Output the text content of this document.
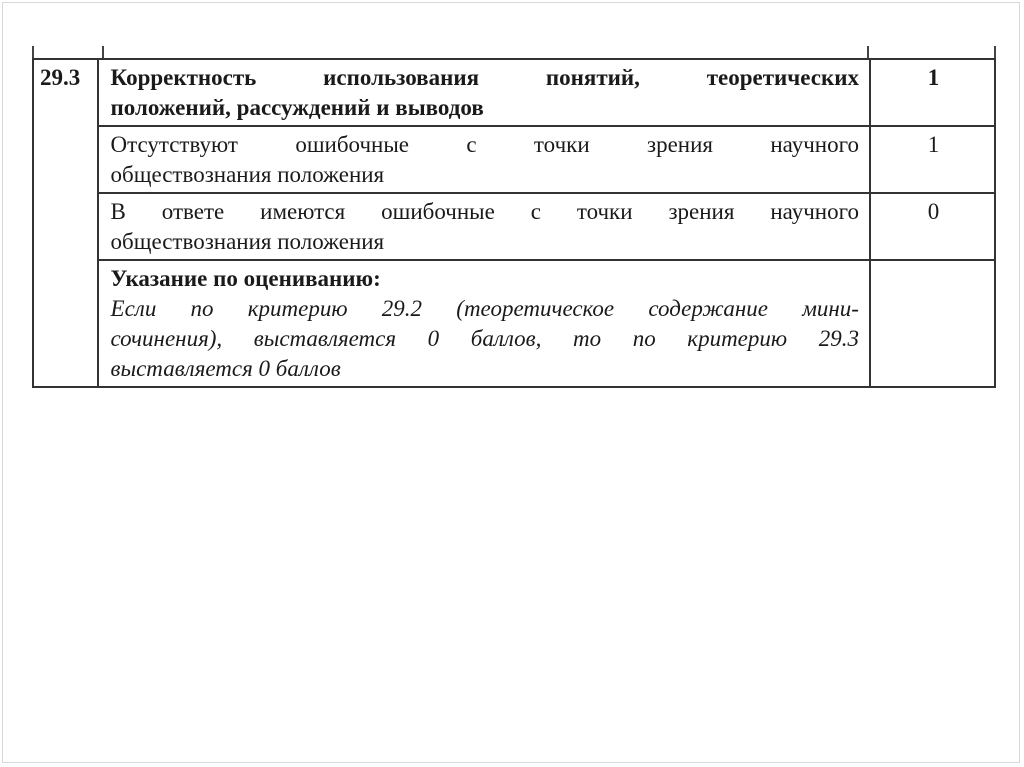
29.3	Корректность использования понятий, теоретических
положений, рассуждений и выводов	1

	Отсутствуют ошибочные с точки зрения научного
обществознания положения	1

	В ответе имеются ошибочные с точки зрения научного
обществознания положения	0

	Указание по оцениванию:
Если по критерию 29.2 (теоретическое содержание мини-
сочинения), выставляется 0 баллов, то по критерию 29.3
выставляется 0 баллов	
